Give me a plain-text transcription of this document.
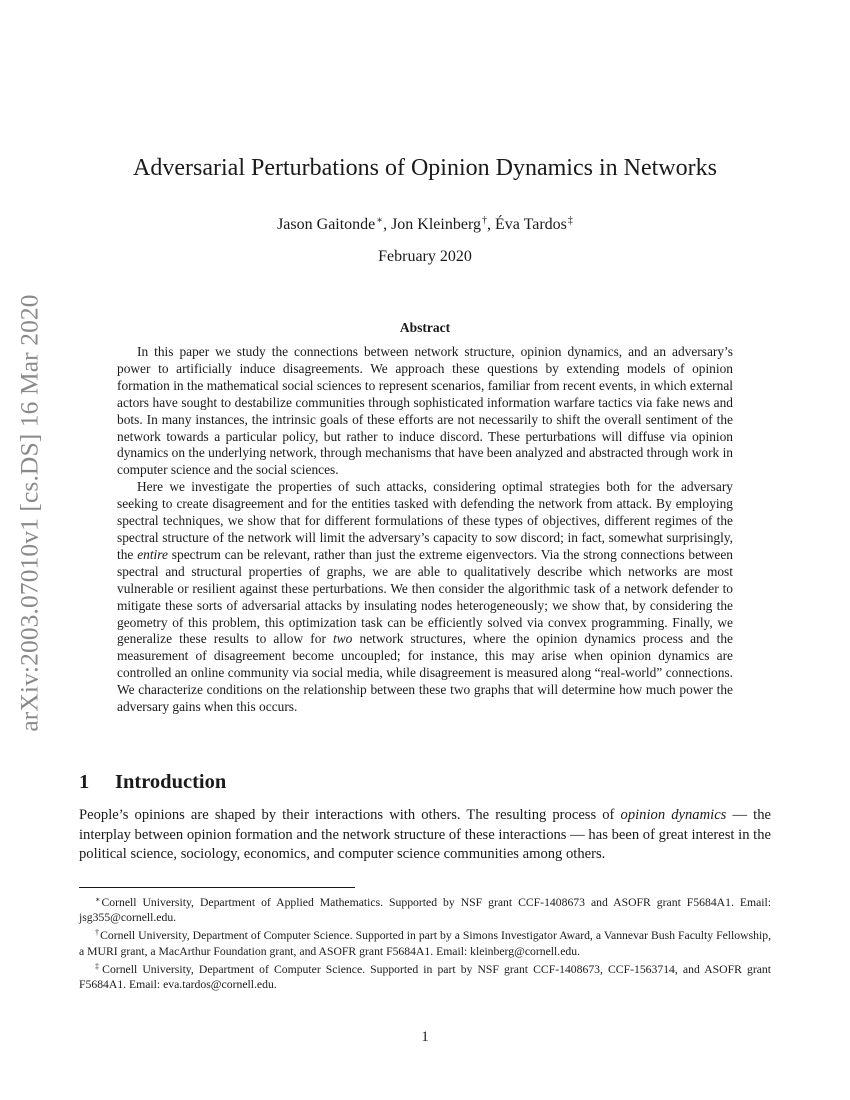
arXiv:2003.07010v1 [cs.DS] 16 Mar 2020
Adversarial Perturbations of Opinion Dynamics in Networks
Jason Gaitonde∗, Jon Kleinberg†, Éva Tardos‡
February 2020
Abstract

In this paper we study the connections between network structure, opinion dynamics, and an adversary’s power to artificially induce disagreements. We approach these questions by extending models of opinion formation in the mathematical social sciences to represent scenarios, familiar from recent events, in which external actors have sought to destabilize communities through sophisticated information warfare tactics via fake news and bots. In many instances, the intrinsic goals of these efforts are not necessarily to shift the overall sentiment of the network towards a particular policy, but rather to induce discord. These perturbations will diffuse via opinion dynamics on the underlying network, through mechanisms that have been analyzed and abstracted through work in computer science and the social sciences.

Here we investigate the properties of such attacks, considering optimal strategies both for the adversary seeking to create disagreement and for the entities tasked with defending the network from attack. By employing spectral techniques, we show that for different formulations of these types of objectives, different regimes of the spectral structure of the network will limit the adversary’s capacity to sow discord; in fact, somewhat surprisingly, the entire spectrum can be relevant, rather than just the extreme eigenvectors. Via the strong connections between spectral and structural properties of graphs, we are able to qualitatively describe which networks are most vulnerable or resilient against these perturbations. We then consider the algorithmic task of a network defender to mitigate these sorts of adversarial attacks by insulating nodes heterogeneously; we show that, by considering the geometry of this problem, this optimization task can be efficiently solved via convex programming. Finally, we generalize these results to allow for two network structures, where the opinion dynamics process and the measurement of disagreement become uncoupled; for instance, this may arise when opinion dynamics are controlled an online community via social media, while disagreement is measured along “real-world” connections. We characterize conditions on the relationship between these two graphs that will determine how much power the adversary gains when this occurs.

1 Introduction

People’s opinions are shaped by their interactions with others. The resulting process of opinion dynamics — the interplay between opinion formation and the network structure of these interactions — has been of great interest in the political science, sociology, economics, and computer science communities among others.

∗Cornell University, Department of Applied Mathematics. Supported by NSF grant CCF-1408673 and ASOFR grant F5684A1. Email: jsg355@cornell.edu.

†Cornell University, Department of Computer Science. Supported in part by a Simons Investigator Award, a Vannevar Bush Faculty Fellowship, a MURI grant, a MacArthur Foundation grant, and ASOFR grant F5684A1. Email: kleinberg@cornell.edu.

‡Cornell University, Department of Computer Science. Supported in part by NSF grant CCF-1408673, CCF-1563714, and ASOFR grant F5684A1. Email: eva.tardos@cornell.edu.

1
